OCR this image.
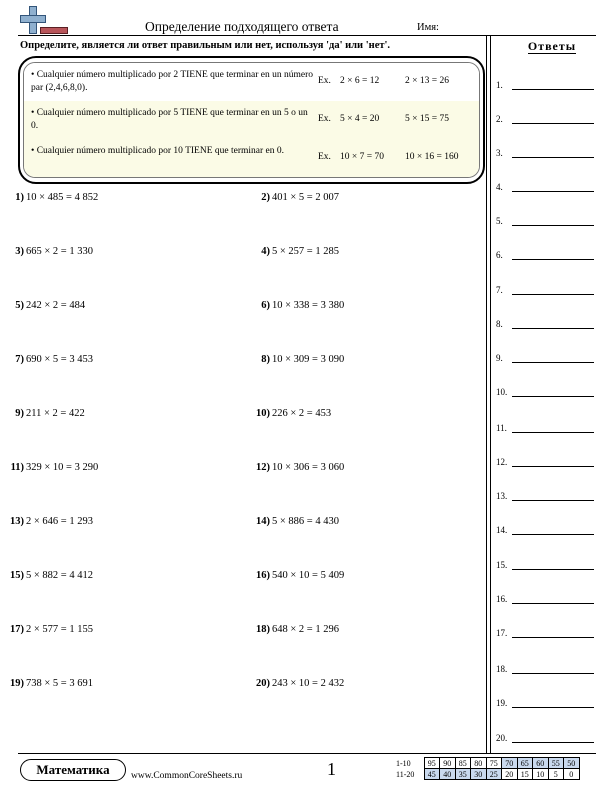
Определение подходящего ответа	Имя:
Определите, является ли ответ правильным или нет, используя 'да' или 'нет'.
• Cualquier número multiplicado por 2 TIENE que terminar en un número par (2,4,6,8,0).
Ex. 2 × 6 = 12	2 × 13 = 26
• Cualquier número multiplicado por 5 TIENE que terminar en un 5 o un 0.
Ex. 5 × 4 = 20	5 × 15 = 75
• Cualquier número multiplicado por 10 TIENE que terminar en 0.
Ex. 10 × 7 = 70 10 × 16 = 160
1) 10 × 485 = 4 852	2) 401 × 5 = 2 007
3) 665 × 2 = 1 330	4) 5 × 257 = 1 285
5) 242 × 2 = 484	6) 10 × 338 = 3 380
7) 690 × 5 = 3 453	8) 10 × 309 = 3 090
9) 211 × 2 = 422	10) 226 × 2 = 453
11) 329 × 10 = 3 290	12) 10 × 306 = 3 060
13) 2 × 646 = 1 293	14) 5 × 886 = 4 430
15) 5 × 882 = 4 412	16) 540 × 10 = 5 409
17) 2 × 577 = 1 155	18) 648 × 2 = 1 296
19) 738 × 5 = 3 691	20) 243 × 10 = 2 432
Ответы
1.
2.
3.
4.
5.
6.
7.
8.
9.
10.
11.
12.
13.
14.
15.
16.
17.
18.
19.
20.
Математика	www.CommonCoreSheets.ru	1	1-10	95	90	85	80	75	70	65	60	55	50
11-20	45	40	35	30	25	20	15	10	5	0
